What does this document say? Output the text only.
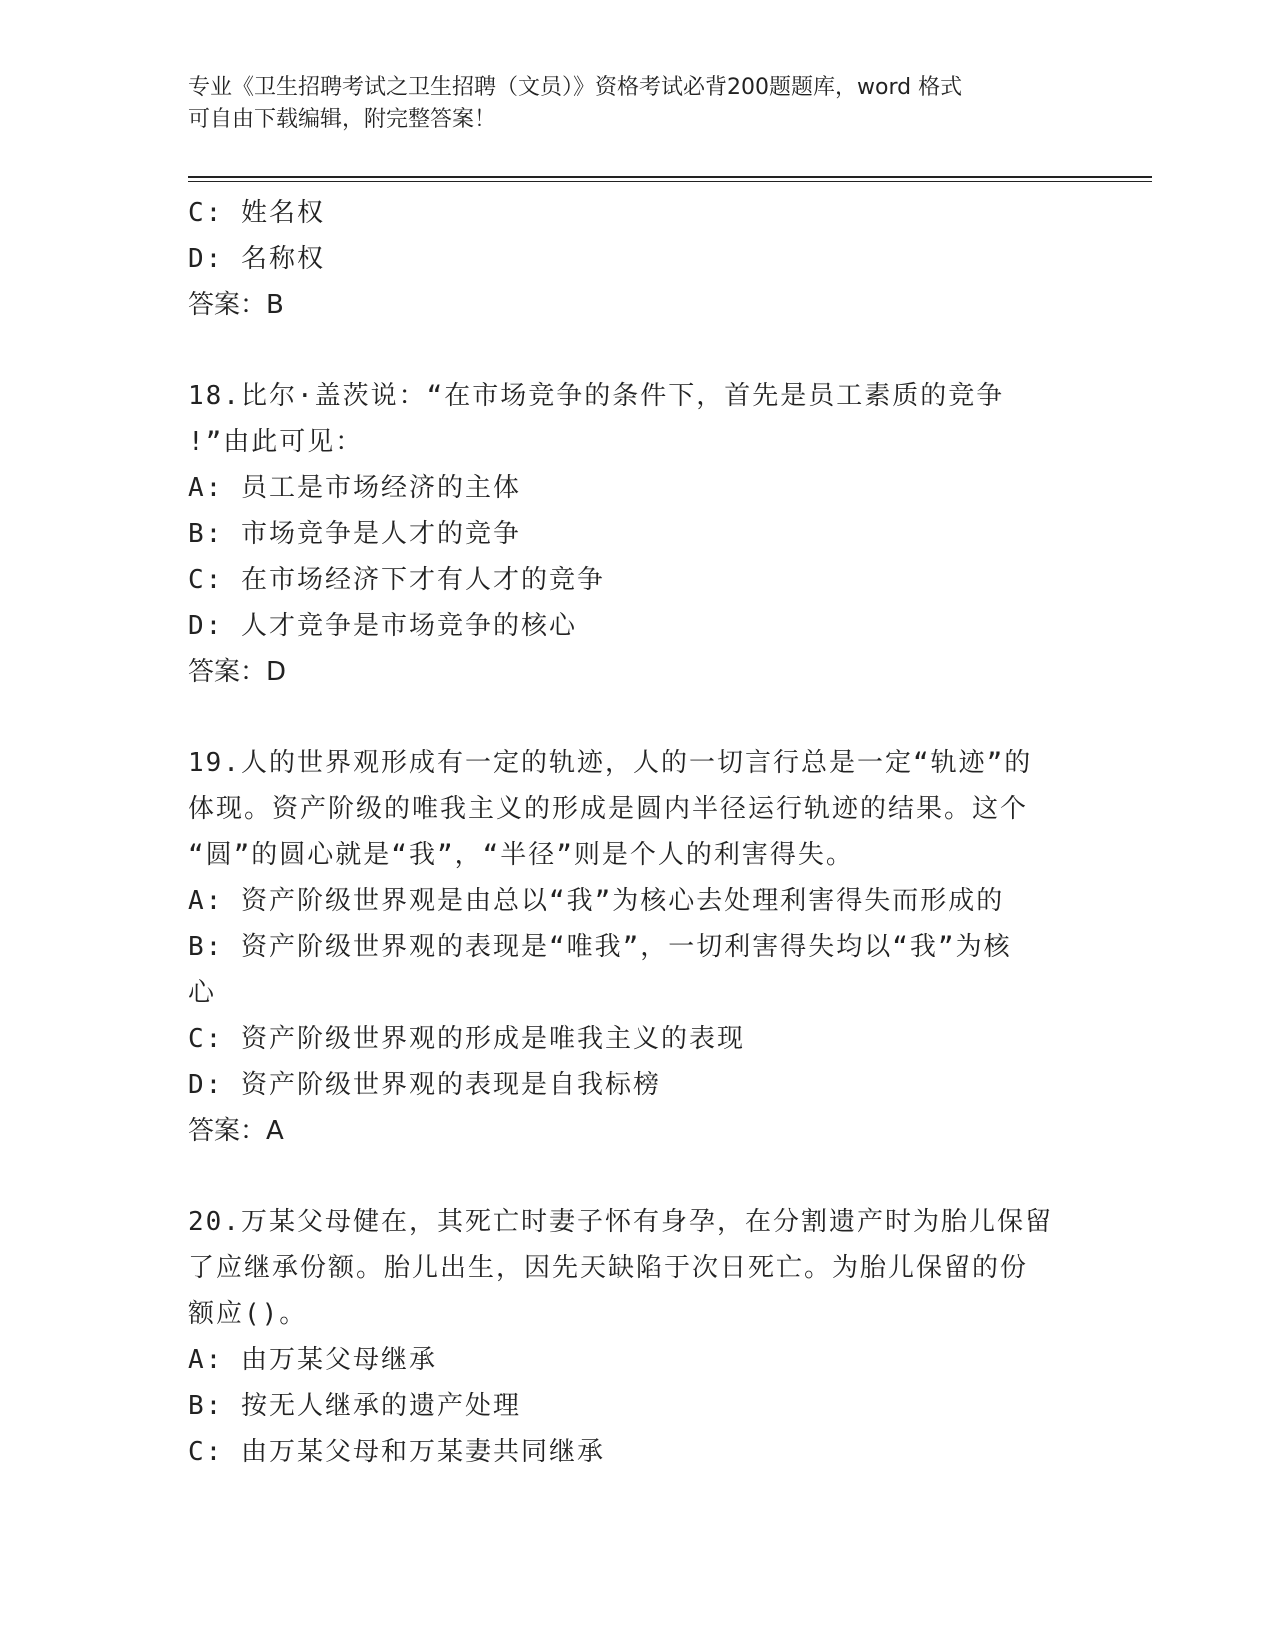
专业《卫生招聘考试之卫生招聘（文员）》资格考试必背200题题库，word 格式
可自由下载编辑，附完整答案！
C: 姓名权
D: 名称权
答案：B
18.比尔·盖茨说：“在市场竞争的条件下，首先是员工素质的竞争
!”由此可见：
A: 员工是市场经济的主体
B: 市场竞争是人才的竞争
C: 在市场经济下才有人才的竞争
D: 人才竞争是市场竞争的核心
答案：D
19.人的世界观形成有一定的轨迹，人的一切言行总是一定“轨迹”的
体现。资产阶级的唯我主义的形成是圆内半径运行轨迹的结果。这个
“圆”的圆心就是“我”，“半径”则是个人的利害得失。
A: 资产阶级世界观是由总以“我”为核心去处理利害得失而形成的
B: 资产阶级世界观的表现是“唯我”，一切利害得失均以“我”为核
心
C: 资产阶级世界观的形成是唯我主义的表现
D: 资产阶级世界观的表现是自我标榜
答案：A
20.万某父母健在，其死亡时妻子怀有身孕，在分割遗产时为胎儿保留
了应继承份额。胎儿出生，因先天缺陷于次日死亡。为胎儿保留的份
额应()。
A: 由万某父母继承
B: 按无人继承的遗产处理
C: 由万某父母和万某妻共同继承
